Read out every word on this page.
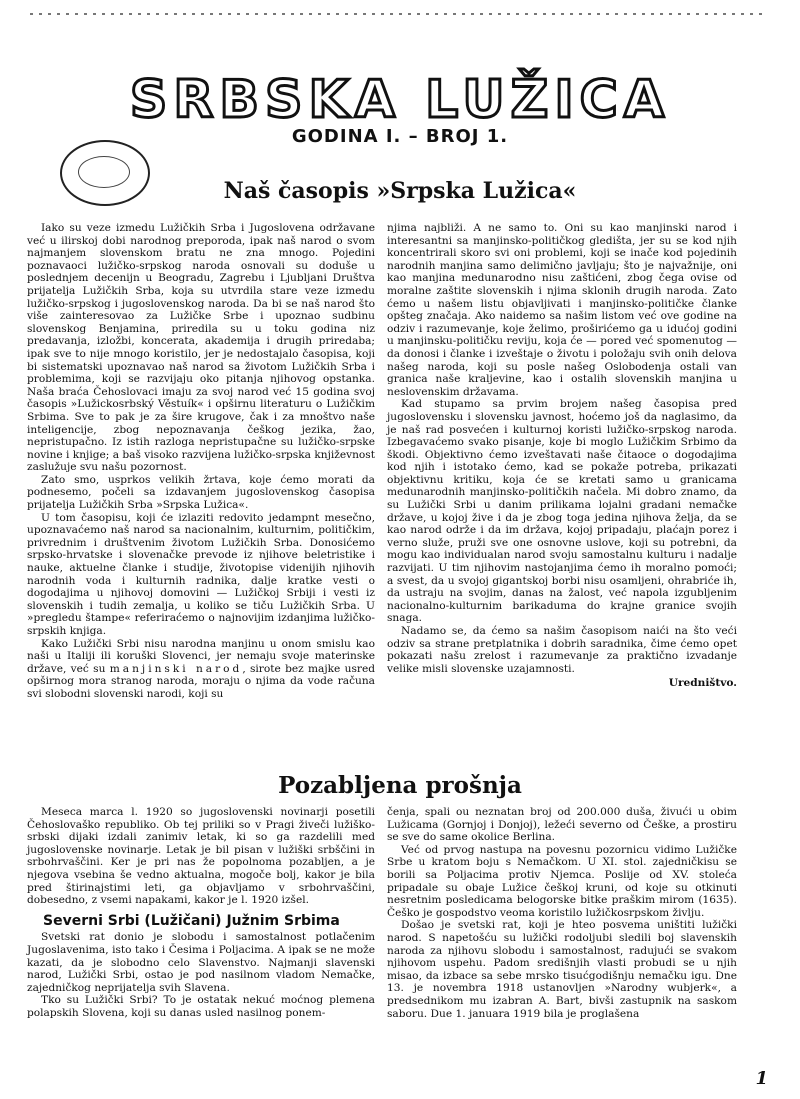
SRBSKA LUŽICA
GODINA I. – BROJ 1.
Naš časopis »Srpska Lužica«

Iako su veze izmedu Lužičkih Srba i Jugoslovena održavane već u ilirskoj dobi narodnog preporoda, ipak naš narod o svom najmanjem slovenskom bratu ne zna mnogo. Pojedini poznavaoci lužičko-srpskog naroda osnovali su doduše u poslednjem decenijn u Beogradu, Zagrebu i Ljubljani Društva prijatelja Lužičkih Srba, koja su utvrdila stare veze izmedu lužičko-srpskog i jugoslovenskog naroda. Da bi se naš narod što više zainteresovao za Lužičke Srbe i upoznao sudbinu slovenskog Benjamina, priredila su u toku godina niz predavanja, izložbi, koncerata, akademija i drugih priredaba; ipak sve to nije mnogo koristilo, jer je nedostajalo časopisa, koji bi sistematski upoznavao naš narod sa životom Lužičkih Srba i problemima, koji se razvijaju oko pitanja njihovog opstanka. Naša braća Čehoslovaci imaju za svoj narod već 15 godina svoj časopis »Lužickosrbský Věstuík« i opširnu literaturu o Lužičkim Srbima. Sve to pak je za šire krugove, čak i za mnoštvo naše inteligencije, zbog nepoznavanja češkog jezika, žao, nepristupačno. Iz istih razloga nepristupačne su lužičko-srpske novine i knjige; a baš visoko razvijena lužičko-srpska književnost zaslužuje svu našu pozornost.

Zato smo, usprkos velikih žrtava, koje ćemo morati da podnesemo, počeli sa izdavanjem jugoslovenskog časopisa prijatelja Lužičkih Srba »Srpska Lužica«.

U tom časopisu, koji će izlaziti redovito jedampnt mesečno, upoznavaćemo naš narod sa nacionalnim, kulturnim, političkim, privrednim i društvenim životom Lužičkih Srba. Donosićemo srpsko-hrvatske i slovenačke prevode iz njihove beletristike i nauke, aktuelne članke i studije, životopise videnijih njihovih narodnih voda i kulturnih radnika, dalje kratke vesti o dogodajima u njihovoj domovini — Lužičkoj Srbiji i vesti iz slovenskih i tudih zemalja, u koliko se tiču Lužičkih Srba. U »pregledu štampe« referiraćemo o najnovijim izdanjima lužičko-srpskih knjiga.

Kako Lužički Srbi nisu narodna manjinu u onom smislu kao naši u Italiji ili koruški Slovenci, jer nemaju svoje materinske države, već su manjinski narod, sirote bez majke usred opširnog mora stranog naroda, moraju o njima da vode računa svi slobodni slovenski narodi, koji su

njima najbliži. A ne samo to. Oni su kao manjinski narod i interesantni sa manjinsko-političkog gledišta, jer su se kod njih koncentrirali skoro svi oni problemi, koji se inače kod pojedinih narodnih manjina samo delimično javljaju; što je najvažnije, oni kao manjina medunarodno nisu zaštićeni, zbog čega ovise od moralne zaštite slovenskih i njima sklonih drugih naroda. Zato ćemo u našem listu objavljivati i manjinsko-političke članke opšteg značaja. Ako naidemo sa našim listom već ove godine na odziv i razumevanje, koje želimo, proširićemo ga u idućoj godini u manjinsku-političku reviju, koja će — pored već spomenutog — da donosi i članke i izveštaje o životu i položaju svih onih delova našeg naroda, koji su posle našeg Oslobodenja ostali van granica naše kraljevine, kao i ostalih slovenskih manjina u neslovenskim državama.

Kad stupamo sa prvim brojem našeg časopisa pred jugoslovensku i slovensku javnost, hoćemo još da naglasimo, da je naš rad posvećen i kulturnoj koristi lužičko-srpskog naroda. Izbegavaćemo svako pisanje, koje bi moglo Lužičkim Srbimo da škodi. Objektivno ćemo izveštavati naše čitaoce o dogodajima kod njih i istotako ćemo, kad se pokaže potreba, prikazati objektivnu kritiku, koja će se kretati samo u granicama medunarodnih manjinsko-političkih načela. Mi dobro znamo, da su Lužički Srbi u danim prilikama lojalni gradani nemačke države, u kojoj žive i da je zbog toga jedina njihova želja, da se kao narod održe i da im država, kojoj pripadaju, plaćajn porez i verno služe, pruži sve one osnovne uslove, koji su potrebni, da mogu kao individualan narod svoju samostalnu kulturu i nadalje razvijati. U tim njihovim nastojanjima ćemo ih moralno pomoći; a svest, da u svojoj gigantskoj borbi nisu osamljeni, ohrabriće ih, da ustraju na svojim, danas na žalost, već napola izgubljenim nacionalno-kulturnim barikaduma do krajne granice svojih snaga.

Nadamo se, da ćemo sa našim časopisom naići na što veći odziv sa strane pretplatnika i dobrih saradnika, čime ćemo opet pokazati našu zrelost i razumevanje za praktično izvadanje velike misli slovenske uzajamnosti.

Uredništvo.
Pozabljena prošnja

Meseca marca l. 1920 so jugoslovenski novinarji posetili Čehoslovaško republiko. Ob tej priliki so v Pragi živeči lužiško-srbski dijaki izdali zanimiv letak, ki so ga razdelili med jugoslovenske novinarje. Letak je bil pisan v lužiški srbščini in srbohrvaščini. Ker je pri nas že popolnoma pozabljen, a je njegova vsebina še vedno aktualna, mogoče bolj, kakor je bila pred štirinajstimi leti, ga objavljamo v srbohrvaščini, dobesedno, z vsemi napakami, kakor je l. 1920 izšel.

Severni Srbi (Lužičani) Južnim Srbima

Svetski rat donio je slobodu i samostalnost potlačenim Jugoslavenima, isto tako i Česima i Poljacima. A ipak se ne može kazati, da je slobodno celo Slavenstvo. Najmanji slavenski narod, Lužički Srbi, ostao je pod nasilnom vladom Nemačke, zajedničkog neprijatelja svih Slavena.

Tko su Lužički Srbi? To je ostatak nekuć moćnog plemena polapskih Slovena, koji su danas usled nasilnog ponem-

čenja, spali ou neznatan broj od 200.000 duša, živući u obim Lužicama (Gornjoj i Donjoj), ležeći severno od Češke, a prostiru se sve do same okolice Berlina.

Već od prvog nastupa na povesnu pozornicu vidimo Lužičke Srbe u kratom boju s Nemačkom. U XI. stol. zajedničkisu se borili sa Poljacima protiv Njemca. Poslije od XV. stoleća pripadale su obaje Lužice češkoj kruni, od koje su otkinuti nesretnim posledicama belogorske bitke praškim mirom (1635). Češko je gospodstvo veoma koristilo lužičkosrpskom življu.

Došao je svetski rat, koji je hteo posvema uništiti lužički narod. S napetošću su lužički rodoljubi sledili boj slavenskih naroda za njihovu slobodu i samostalnost, radujući se svakom njihovom uspehu. Padom središnjih vlasti probudi se u njih misao, da izbace sa sebe mrsko tisućgodišnju nemačku igu. Dne 13. je novembra 1918 ustanovljen »Narodny wubjerk«, a predsednikom mu izabran A. Bart, bivši zastupnik na saskom saboru. Due 1. januara 1919 bila je proglašena

1
